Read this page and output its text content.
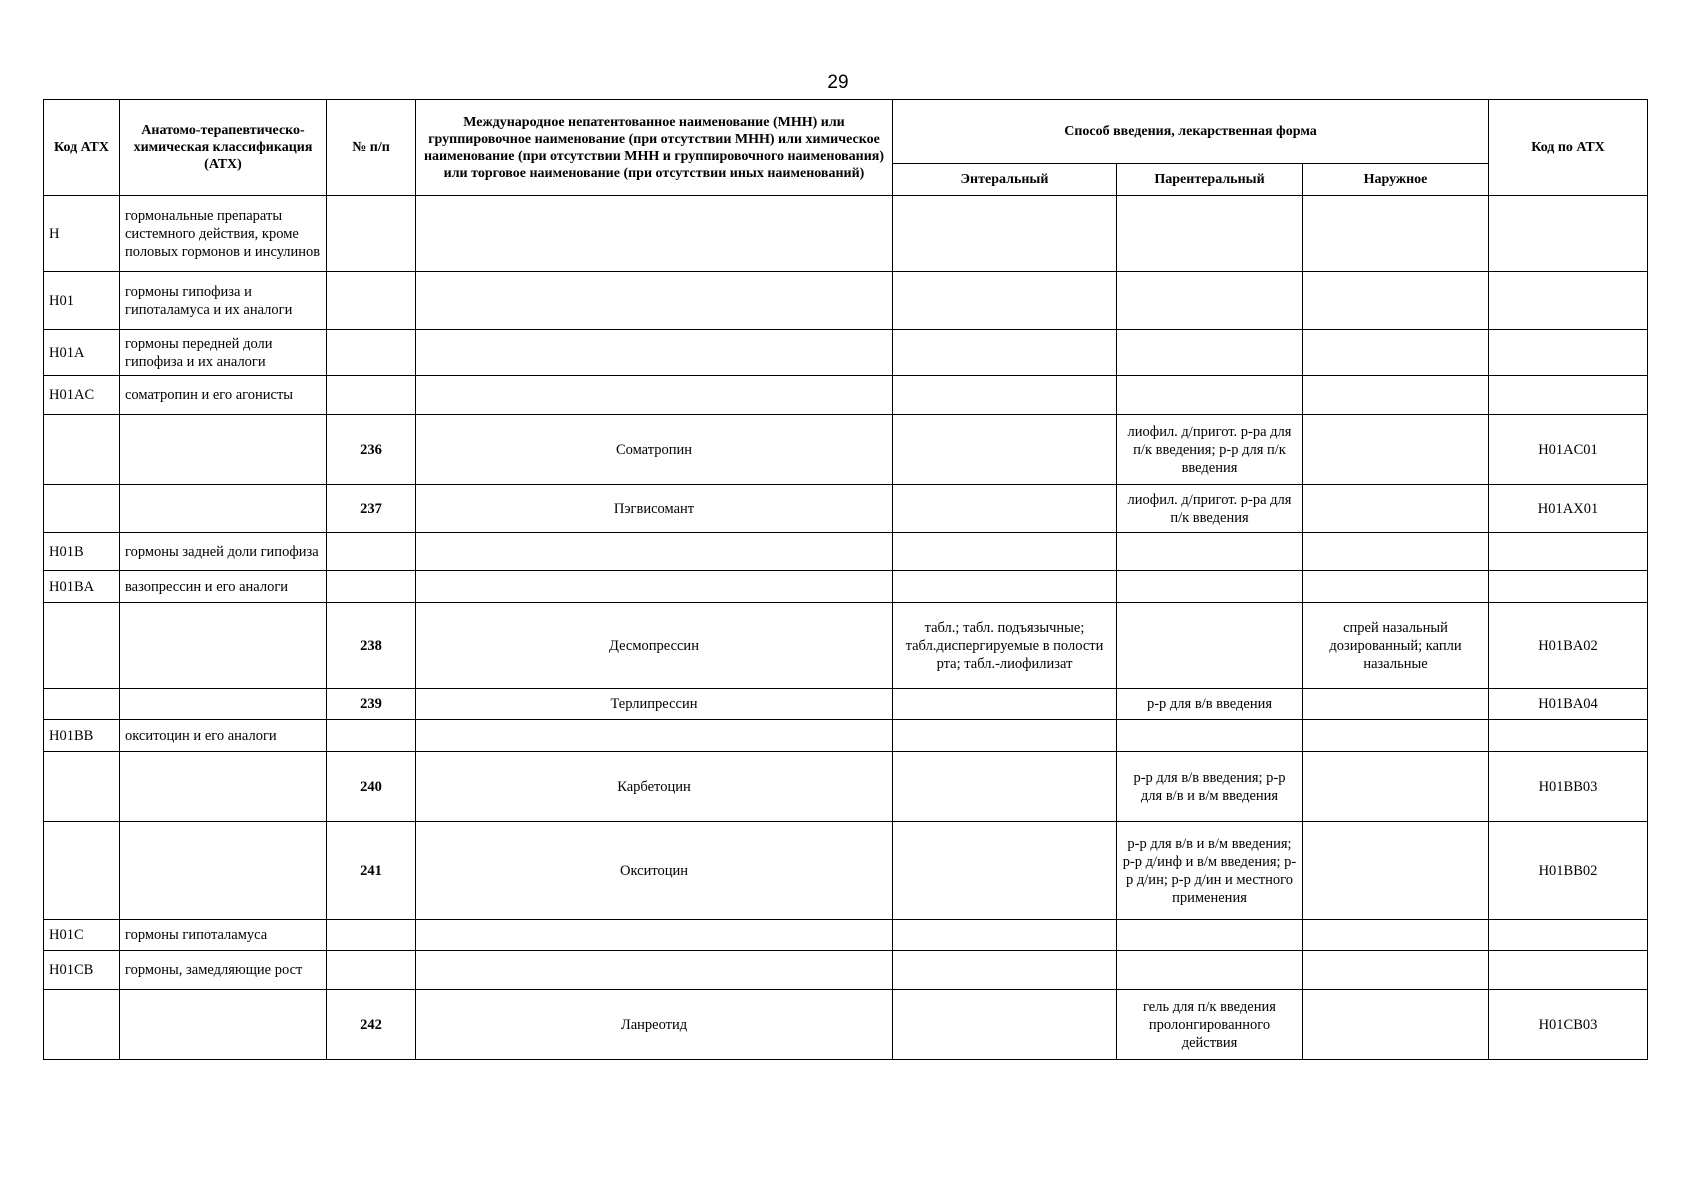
29
Код АТХ	Анатомо-терапевтическо-химическая классификация (АТХ)	№ п/п	Международное непатентованное наименование (МНН) или группировочное наименование (при отсутствии МНН) или химическое наименование (при отсутствии МНН и группировочного наименования) или торговое наименование (при отсутствии иных наименований)	Способ введения, лекарственная форма			Код по АТХ
				Энтеральный	Парентеральный	Наружное	
H	гормональные препараты системного действия, кроме половых гормонов и инсулинов						
H01	гормоны гипофиза и гипоталамуса и их аналоги						
H01A	гормоны передней доли гипофиза и их аналоги						
H01AC	соматропин и его агонисты						
		236	Соматропин		лиофил. д/пригот. р-ра для п/к введения; р-р для п/к введения		H01AC01
		237	Пэгвисомант		лиофил. д/пригот. р-ра для п/к введения		H01AX01
H01B	гормоны задней доли гипофиза						
H01BA	вазопрессин и его аналоги						
		238	Десмопрессин	табл.; табл. подъязычные; табл.диспергируемые в полости рта; табл.-лиофилизат		спрей назальный дозированный; капли назальные	H01BA02
		239	Терлипрессин		р-р для в/в введения		H01BA04
H01BB	окситоцин и его аналоги						
		240	Карбетоцин		р-р для в/в введения; р-р для в/в и в/м введения		H01BB03
		241	Окситоцин		р-р для в/в и в/м введения; р-р д/инф и в/м введения; р-р д/ин; р-р д/ин и местного применения		H01BB02
H01C	гормоны гипоталамуса						
H01CB	гормоны, замедляющие рост						
		242	Ланреотид		гель для п/к введения пролонгированного действия		H01CB03
